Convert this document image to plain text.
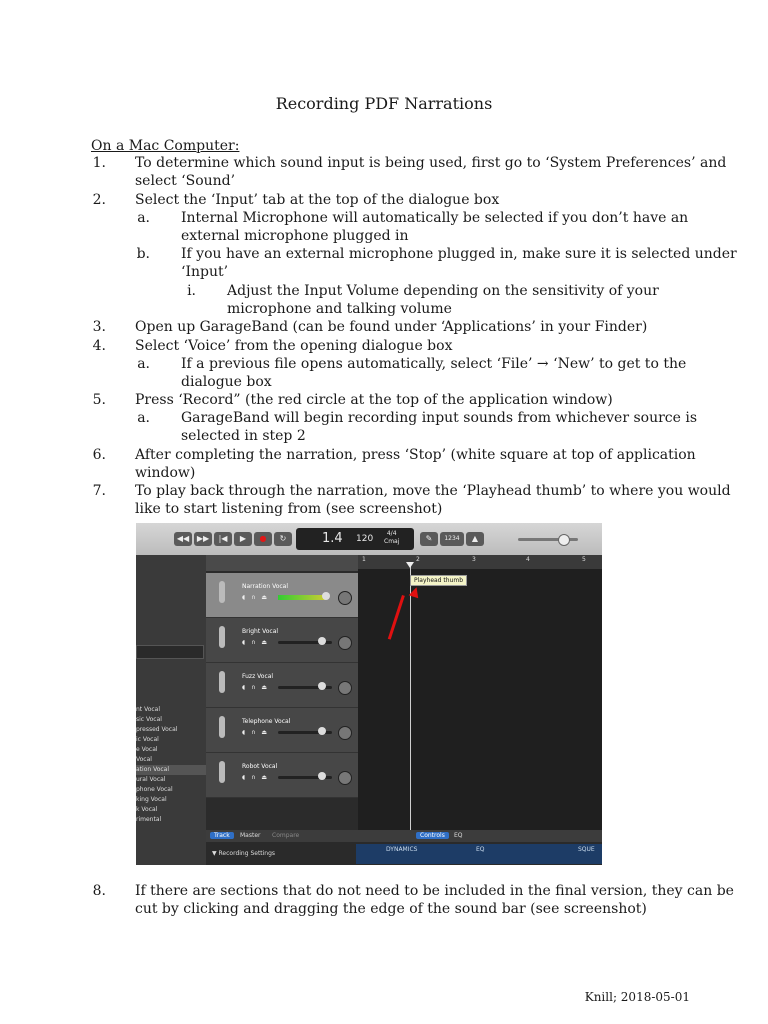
Recording PDF Narrations
On a Mac Computer:
1. To determine which sound input is being used, first go to ‘System Preferences’ and
select ‘Sound’
2. Select the ‘Input’ tab at the top of the dialogue box
a. Internal Microphone will automatically be selected if you don’t have an
external microphone plugged in
b. If you have an external microphone plugged in, make sure it is selected under
‘Input’
i. Adjust the Input Volume depending on the sensitivity of your
microphone and talking volume
3. Open up GarageBand (can be found under ‘Applications’ in your Finder)
4. Select ‘Voice’ from the opening dialogue box
a. If a previous file opens automatically, select ‘File’ → ‘New’ to get to the
dialogue box
5. Press ‘Record” (the red circle at the top of the application window)
a. GarageBand will begin recording input sounds from whichever source is
selected in step 2
6. After completing the narration, press ‘Stop’ (white square at top of application
window)
7. To play back through the narration, move the ‘Playhead thumb’ to where you would
like to start listening from (see screenshot)
8. If there are sections that do not need to be included in the final version, they can be
cut by clicking and dragging the edge of the sound bar (see screenshot)
◀◀ ▶▶	|◀	▶	●	↻	1.4 120
4/4
Cmaj	✎	1234	▲
nt Vocal
sic Vocal
pressed Vocal
ic Vocal
e Vocal
Vocal
ation Vocal
ural Vocal
phone Vocal
king Vocal
k Vocal
rimental
Narration Vocal
◖ ∩ ⏏
Bright Vocal
◖ ∩ ⏏
Fuzz Vocal
◖ ∩ ⏏
Telephone Vocal
◖ ∩ ⏏
Robot Vocal
◖ ∩ ⏏
1	2	3	4	5
Playhead thumb
Track	Master	Compare	Controls	EQ
▼ Recording Settings
DYNAMICS	EQ	SQUE
Knill; 2018-05-01
